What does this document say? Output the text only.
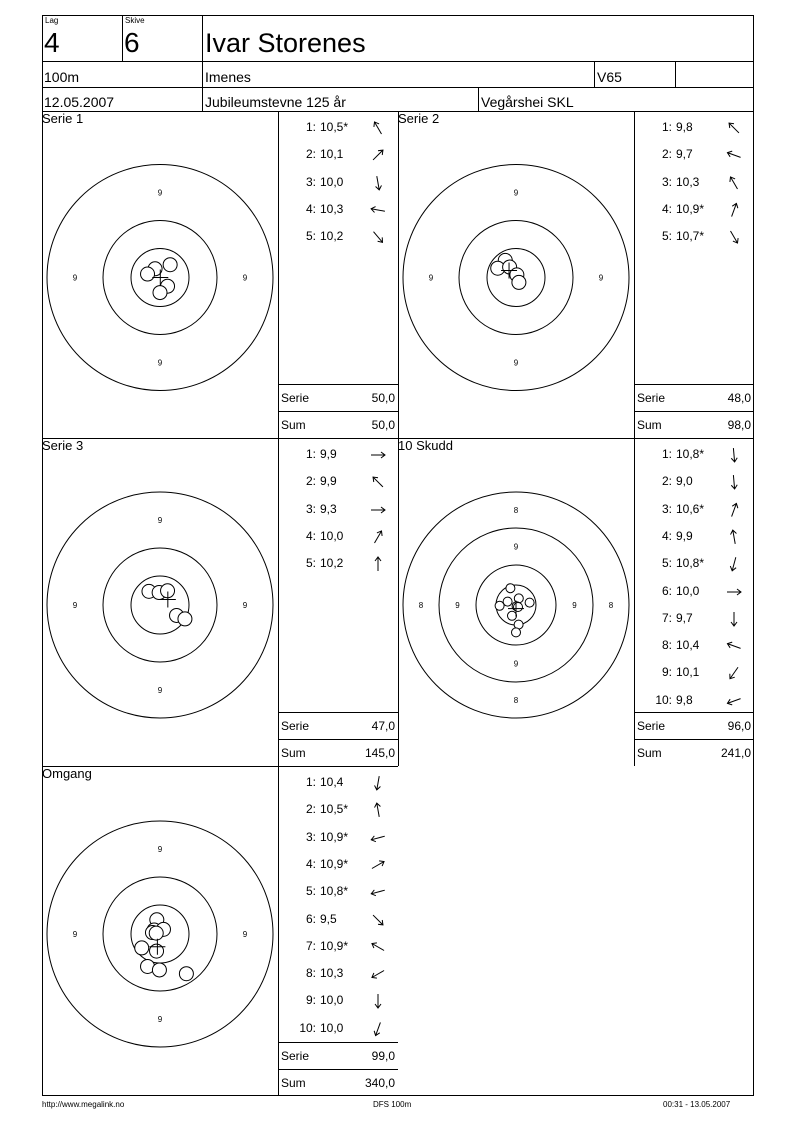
Lag
4
Skive
6 Ivar Storenes
100m	Imenes	V65
12.05.2007	Jubileumstevne 125 år	Vegårshei SKL
Serie 1
1: 10,5*
2: 10,1
3: 10,0
4: 10,3
5: 10,2
Serie	50,0
Sum	50,0
9
9
9
9
Serie 2
1: 9,8
2: 9,7
3: 10,3
4: 10,9*
5: 10,7*
Serie	48,0
Sum	98,0
9
9
9
9
Serie 3
1: 9,9
2: 9,9
3: 9,3
4: 10,0
5: 10,2
Serie	47,0
Sum	145,0
9
9
9
9
10 Skudd
1: 10,8*
2: 9,0
3: 10,6*
4: 9,9
5: 10,8*
6: 10,0
7: 9,7
8: 10,4
9: 10,1
10: 9,8
Serie	96,0
Sum	241,0
9
9
9
9
8
8
8
8
Omgang
1: 10,4
2: 10,5*
3: 10,9*
4: 10,9*
5: 10,8*
6: 9,5
7: 10,9*
8: 10,3
9: 10,0
10: 10,0
Serie	99,0
Sum	340,0
9
9
9
9
http://www.megalink.no	DFS 100m	00:31 - 13.05.2007
